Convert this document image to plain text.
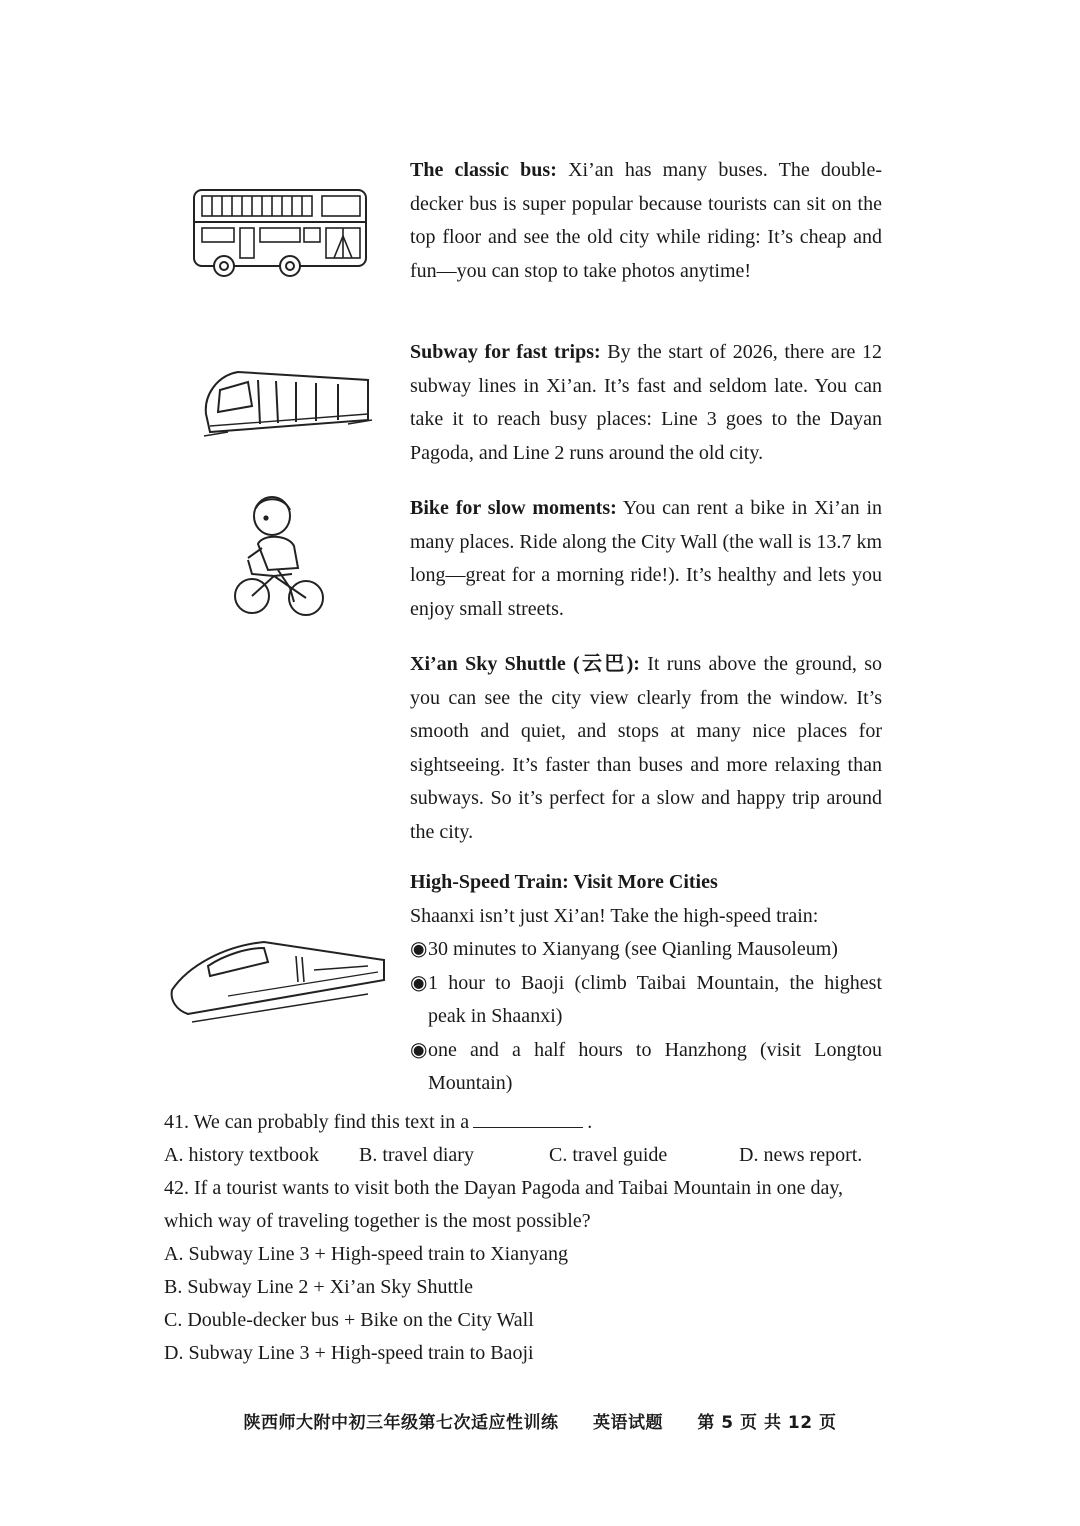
The classic bus: Xi’an has many buses. The double-decker bus is super popular because tourists can sit on the top floor and see the old city while riding: It’s cheap and fun—you can stop to take photos anytime!
Subway for fast trips: By the start of 2026, there are 12 subway lines in Xi’an. It’s fast and seldom late. You can take it to reach busy places: Line 3 goes to the Dayan Pagoda, and Line 2 runs around the old city.
Bike for slow moments: You can rent a bike in Xi’an in many places. Ride along the City Wall (the wall is 13.7 km long—great for a morning ride!). It’s healthy and lets you enjoy small streets.
Xi’an Sky Shuttle (云巴): It runs above the ground, so you can see the city view clearly from the window. It’s smooth and quiet, and stops at many nice places for sightseeing. It’s faster than buses and more relaxing than subways. So it’s perfect for a slow and happy trip around the city.
High-Speed Train: Visit More Cities
Shaanxi isn’t just Xi’an! Take the high-speed train:
◉ 30 minutes to Xianyang (see Qianling Mausoleum)
◉ 1 hour to Baoji (climb Taibai Mountain, the highest peak in Shaanxi)
◉ one and a half hours to Hanzhong (visit Longtou Mountain)
41. We can probably find this text in a	.
A. history textbook	B. travel diary	C. travel guide	D. news report.
42. If a tourist wants to visit both the Dayan Pagoda and Taibai Mountain in one day,
which way of traveling together is the most possible?
A. Subway Line 3 + High-speed train to Xianyang
B. Subway Line 2 + Xi’an Sky Shuttle
C. Double-decker bus + Bike on the City Wall
D. Subway Line 3 + High-speed train to Baoji
陕西师大附中初三年级第七次适应性训练 英语试题 第 5 页 共 12 页
